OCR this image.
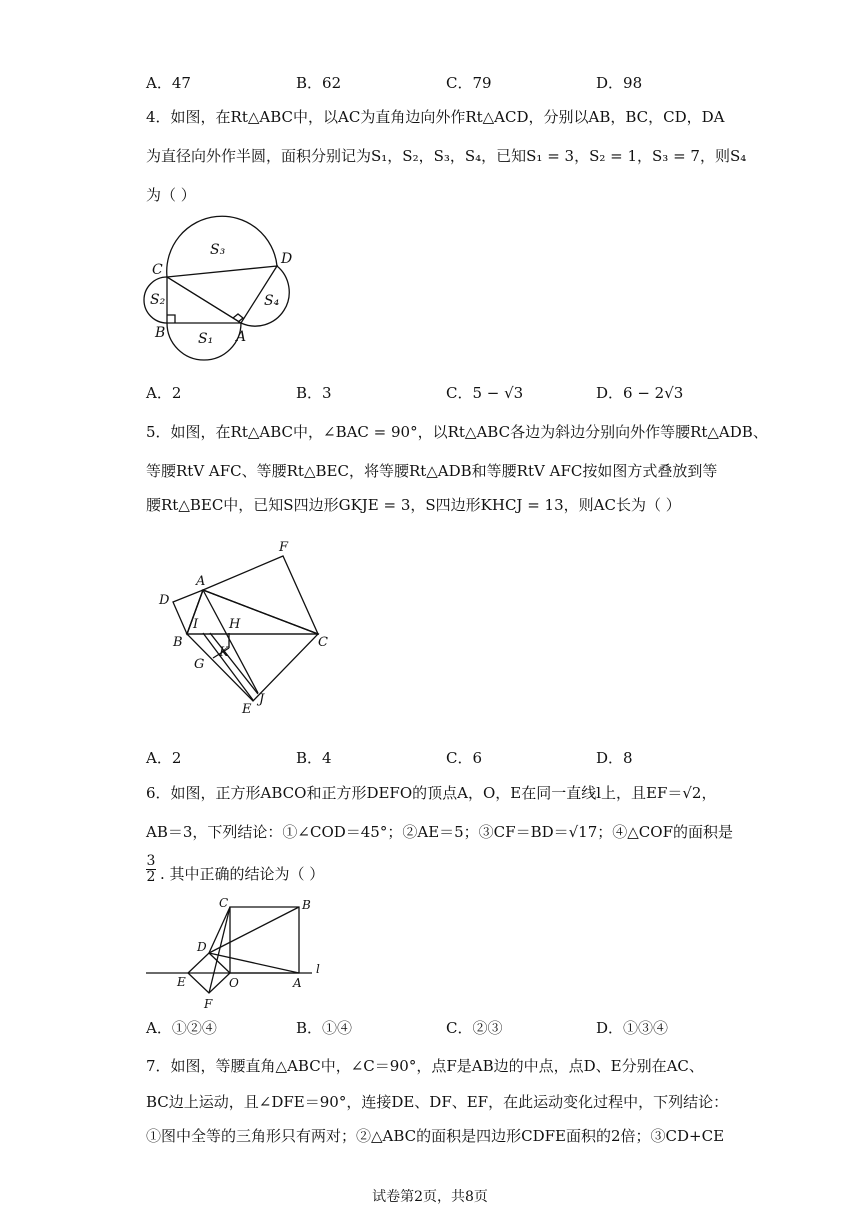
A．47	B．62	C．79	D．98
4．如图，在Rt△ABC中，以AC为直角边向外作Rt△ACD，分别以AB，BC，CD，DA
为直径向外作半圆，面积分别记为S₁，S₂，S₃，S₄，已知S₁ = 3，S₂ = 1，S₃ = 7，则S₄
为（ ）
C
D
B	A
S₁
S₂
S₃
S₄
A．2	B．3	C．5 − √3	D．6 − 2√3
5．如图，在Rt△ABC中，∠BAC = 90°，以Rt△ABC各边为斜边分别向外作等腰Rt△ADB、
等腰RtV AFC、等腰Rt△BEC，将等腰Rt△ADB和等腰RtV AFC按如图方式叠放到等
腰Rt△BEC中，已知S四边形GKJE = 3，S四边形KHCJ = 13，则AC长为（ ）
F
A
D
B
I H
C
K
G
E
J
A．2	B．4	C．6	D．8
6．如图，正方形ABCO和正方形DEFO的顶点A，O，E在同一直线l上，且EF＝√2，
AB＝3，下列结论：①∠COD＝45°；②AE＝5；③CF＝BD＝√17；④△COF的面积是
3
2 . 其中正确的结论为（ ）
C	B
D
l
E	O	A
F
A．①②④	B．①④	C．②③	D．①③④
7．如图，等腰直角△ABC中，∠C＝90°，点F是AB边的中点，点D、E分别在AC、
BC边上运动，且∠DFE＝90°，连接DE、DF、EF，在此运动变化过程中，下列结论：
①图中全等的三角形只有两对；②△ABC的面积是四边形CDFE面积的2倍；③CD+CE
试卷第2页，共8页
